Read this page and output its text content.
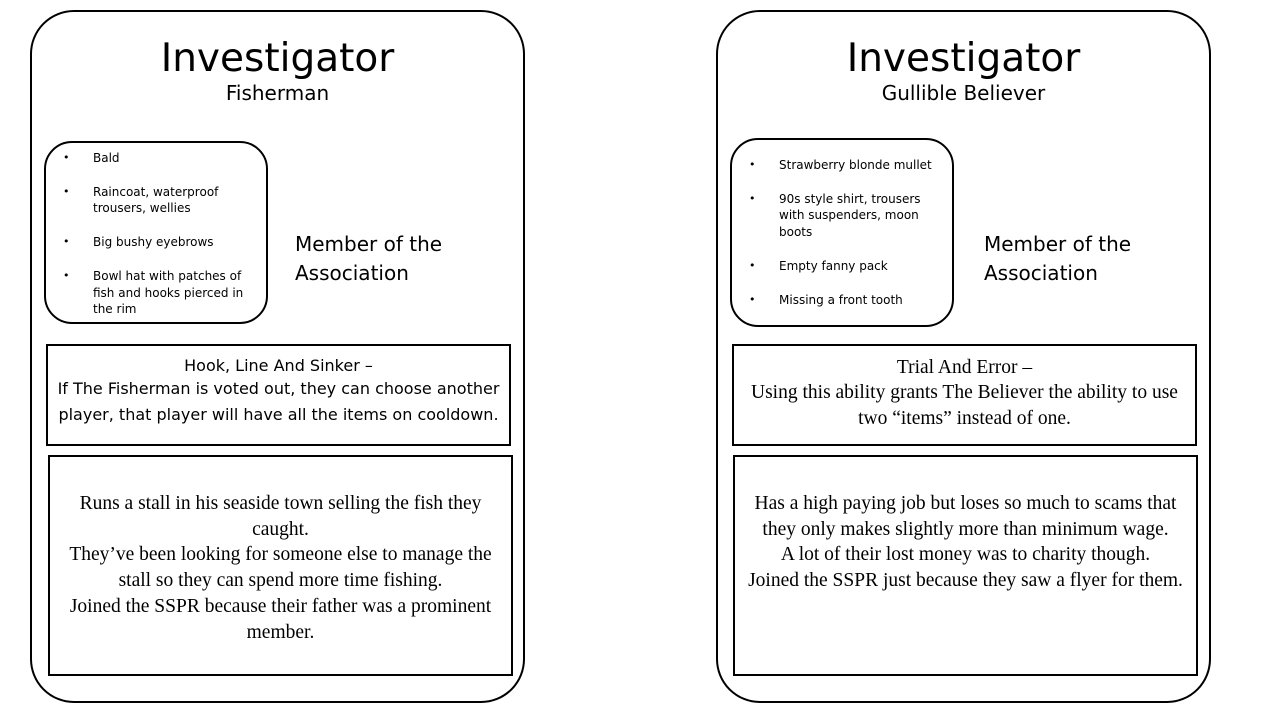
Investigator
Fisherman
• Bald
• Raincoat, waterproof trousers, wellies
• Big bushy eyebrows
• Bowl hat with patches of fish and hooks pierced in the rim
Member of the
Association
Hook, Line And Sinker –
If The Fisherman is voted out, they can choose another player, that player will have all the items on cooldown.
Runs a stall in his seaside town selling the fish they caught.
They’ve been looking for someone else to manage the stall so they can spend more time fishing.
Joined the SSPR because their father was a prominent member.
Investigator
Gullible Believer
• Strawberry blonde mullet
• 90s style shirt, trousers with suspenders, moon boots
• Empty fanny pack
• Missing a front tooth
Member of the
Association
Trial And Error –
Using this ability grants The Believer the ability to use two “items” instead of one.
Has a high paying job but loses so much to scams that they only makes slightly more than minimum wage.
A lot of their lost money was to charity though.
Joined the SSPR just because they saw a flyer for them.
